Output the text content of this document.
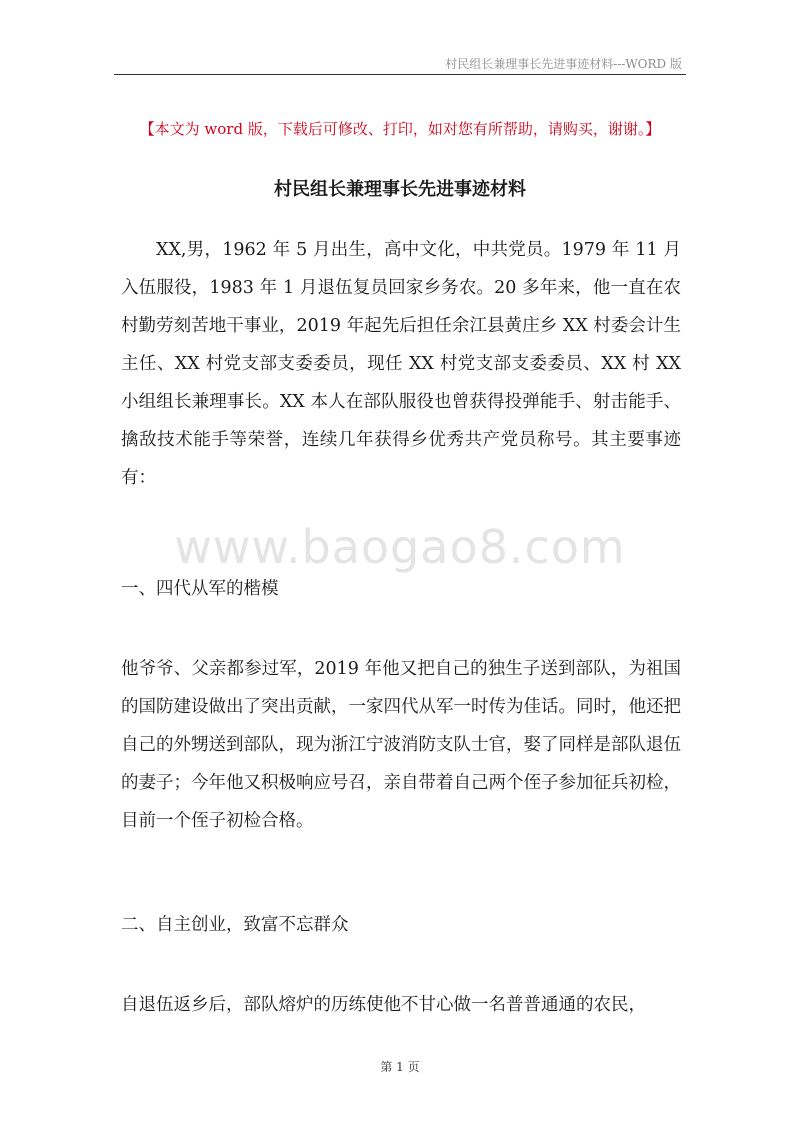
村民组长兼理事长先进事迹材料---WORD 版
【本文为 word 版，下载后可修改、打印，如对您有所帮助，请购买，谢谢。】
村民组长兼理事长先进事迹材料

XX,男，1962 年 5 月出生，高中文化，中共党员。1979 年 11 月入伍服役，1983 年 1 月退伍复员回家乡务农。20 多年来，他一直在农村勤劳刻苦地干事业，2019 年起先后担任余江县黄庄乡 XX 村委会计生主任、XX 村党支部支委委员，现任 XX 村党支部支委委员、XX 村 XX 小组组长兼理事长。XX 本人在部队服役也曾获得投弹能手、射击能手、擒敌技术能手等荣誉，连续几年获得乡优秀共产党员称号。其主要事迹有：

www.baogao8.com

一、四代从军的楷模

他爷爷、父亲都参过军，2019 年他又把自己的独生子送到部队，为祖国的国防建设做出了突出贡献，一家四代从军一时传为佳话。同时，他还把自己的外甥送到部队，现为浙江宁波消防支队士官，娶了同样是部队退伍的妻子；今年他又积极响应号召，亲自带着自己两个侄子参加征兵初检，目前一个侄子初检合格。

二、自主创业，致富不忘群众

自退伍返乡后，部队熔炉的历练使他不甘心做一名普普通通的农民，

第 1 页
